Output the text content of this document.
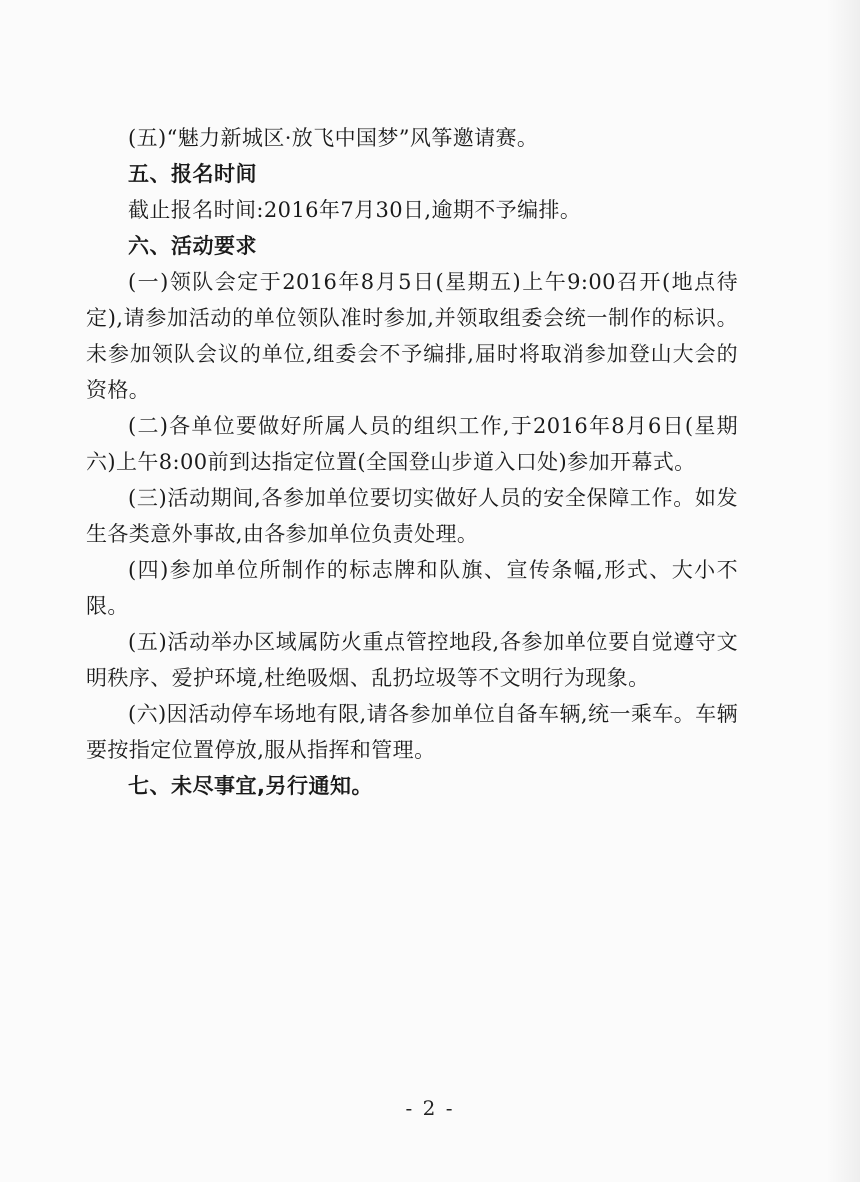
(五)“魅力新城区·放飞中国梦”风筝邀请赛。

五、报名时间

截止报名时间:2016年7月30日,逾期不予编排。

六、活动要求

(一)领队会定于2016年8月5日(星期五)上午9:00召开(地点待定),请参加活动的单位领队准时参加,并领取组委会统一制作的标识。未参加领队会议的单位,组委会不予编排,届时将取消参加登山大会的资格。

(二)各单位要做好所属人员的组织工作,于2016年8月6日(星期六)上午8:00前到达指定位置(全国登山步道入口处)参加开幕式。

(三)活动期间,各参加单位要切实做好人员的安全保障工作。如发生各类意外事故,由各参加单位负责处理。

(四)参加单位所制作的标志牌和队旗、宣传条幅,形式、大小不限。

(五)活动举办区域属防火重点管控地段,各参加单位要自觉遵守文明秩序、爱护环境,杜绝吸烟、乱扔垃圾等不文明行为现象。

(六)因活动停车场地有限,请各参加单位自备车辆,统一乘车。车辆要按指定位置停放,服从指挥和管理。

七、未尽事宜,另行通知。

- 2 -
